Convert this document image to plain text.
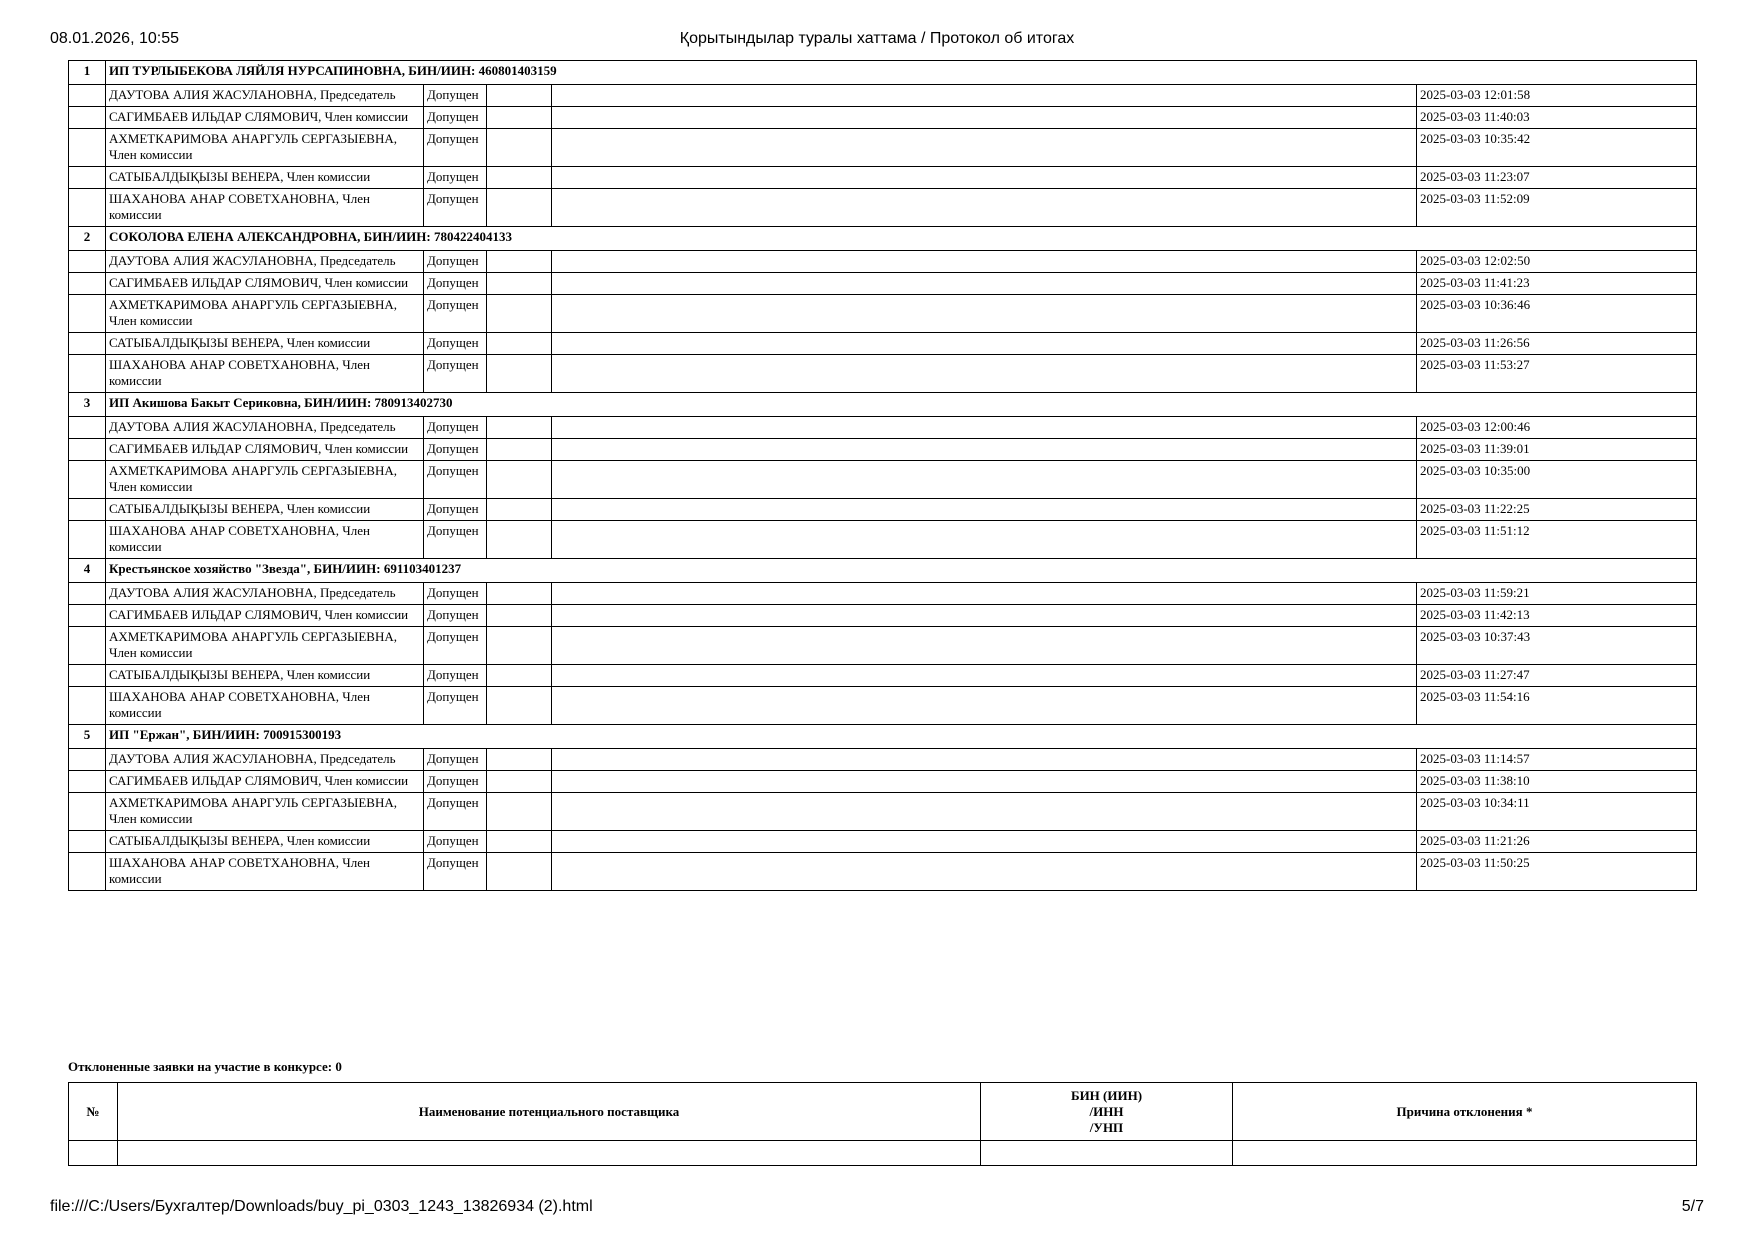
08.01.2026, 10:55	Қорытындылар туралы хаттама / Протокол об итогах
1	ИП ТУРЛЫБЕКОВА ЛЯЙЛЯ НУРСАПИНОВНА, БИН/ИИН: 460801403159				
	ДАУТОВА АЛИЯ ЖАСУЛАНОВНА, Председатель	Допущен			2025-03-03 12:01:58
	САГИМБАЕВ ИЛЬДАР СЛЯМОВИЧ, Член комиссии	Допущен			2025-03-03 11:40:03
	АХМЕТКАРИМОВА АНАРГУЛЬ СЕРГАЗЫЕВНА, Член комиссии	Допущен			2025-03-03 10:35:42
	САТЫБАЛДЫҚЫЗЫ ВЕНЕРА, Член комиссии	Допущен			2025-03-03 11:23:07
	ШАХАНОВА АНАР СОВЕТХАНОВНА, Член комиссии	Допущен			2025-03-03 11:52:09
2	СОКОЛОВА ЕЛЕНА АЛЕКСАНДРОВНА, БИН/ИИН: 780422404133				
	ДАУТОВА АЛИЯ ЖАСУЛАНОВНА, Председатель	Допущен			2025-03-03 12:02:50
	САГИМБАЕВ ИЛЬДАР СЛЯМОВИЧ, Член комиссии	Допущен			2025-03-03 11:41:23
	АХМЕТКАРИМОВА АНАРГУЛЬ СЕРГАЗЫЕВНА, Член комиссии	Допущен			2025-03-03 10:36:46
	САТЫБАЛДЫҚЫЗЫ ВЕНЕРА, Член комиссии	Допущен			2025-03-03 11:26:56
	ШАХАНОВА АНАР СОВЕТХАНОВНА, Член комиссии	Допущен			2025-03-03 11:53:27
3	ИП Акишова Бакыт Сериковна, БИН/ИИН: 780913402730				
	ДАУТОВА АЛИЯ ЖАСУЛАНОВНА, Председатель	Допущен			2025-03-03 12:00:46
	САГИМБАЕВ ИЛЬДАР СЛЯМОВИЧ, Член комиссии	Допущен			2025-03-03 11:39:01
	АХМЕТКАРИМОВА АНАРГУЛЬ СЕРГАЗЫЕВНА, Член комиссии	Допущен			2025-03-03 10:35:00
	САТЫБАЛДЫҚЫЗЫ ВЕНЕРА, Член комиссии	Допущен			2025-03-03 11:22:25
	ШАХАНОВА АНАР СОВЕТХАНОВНА, Член комиссии	Допущен			2025-03-03 11:51:12
4	Крестьянское хозяйство "Звезда", БИН/ИИН: 691103401237				
	ДАУТОВА АЛИЯ ЖАСУЛАНОВНА, Председатель	Допущен			2025-03-03 11:59:21
	САГИМБАЕВ ИЛЬДАР СЛЯМОВИЧ, Член комиссии	Допущен			2025-03-03 11:42:13
	АХМЕТКАРИМОВА АНАРГУЛЬ СЕРГАЗЫЕВНА, Член комиссии	Допущен			2025-03-03 10:37:43
	САТЫБАЛДЫҚЫЗЫ ВЕНЕРА, Член комиссии	Допущен			2025-03-03 11:27:47
	ШАХАНОВА АНАР СОВЕТХАНОВНА, Член комиссии	Допущен			2025-03-03 11:54:16
5	ИП "Ержан", БИН/ИИН: 700915300193				
	ДАУТОВА АЛИЯ ЖАСУЛАНОВНА, Председатель	Допущен			2025-03-03 11:14:57
	САГИМБАЕВ ИЛЬДАР СЛЯМОВИЧ, Член комиссии	Допущен			2025-03-03 11:38:10
	АХМЕТКАРИМОВА АНАРГУЛЬ СЕРГАЗЫЕВНА, Член комиссии	Допущен			2025-03-03 10:34:11
	САТЫБАЛДЫҚЫЗЫ ВЕНЕРА, Член комиссии	Допущен			2025-03-03 11:21:26
	ШАХАНОВА АНАР СОВЕТХАНОВНА, Член комиссии	Допущен			2025-03-03 11:50:25
Отклоненные заявки на участие в конкурсе: 0
№	Наименование потенциального поставщика	БИН (ИИН)
/ИНН
/УНП	Причина отклонения *

file:///C:/Users/Бухгалтер/Downloads/buy_pi_0303_1243_13826934 (2).html	5/7
